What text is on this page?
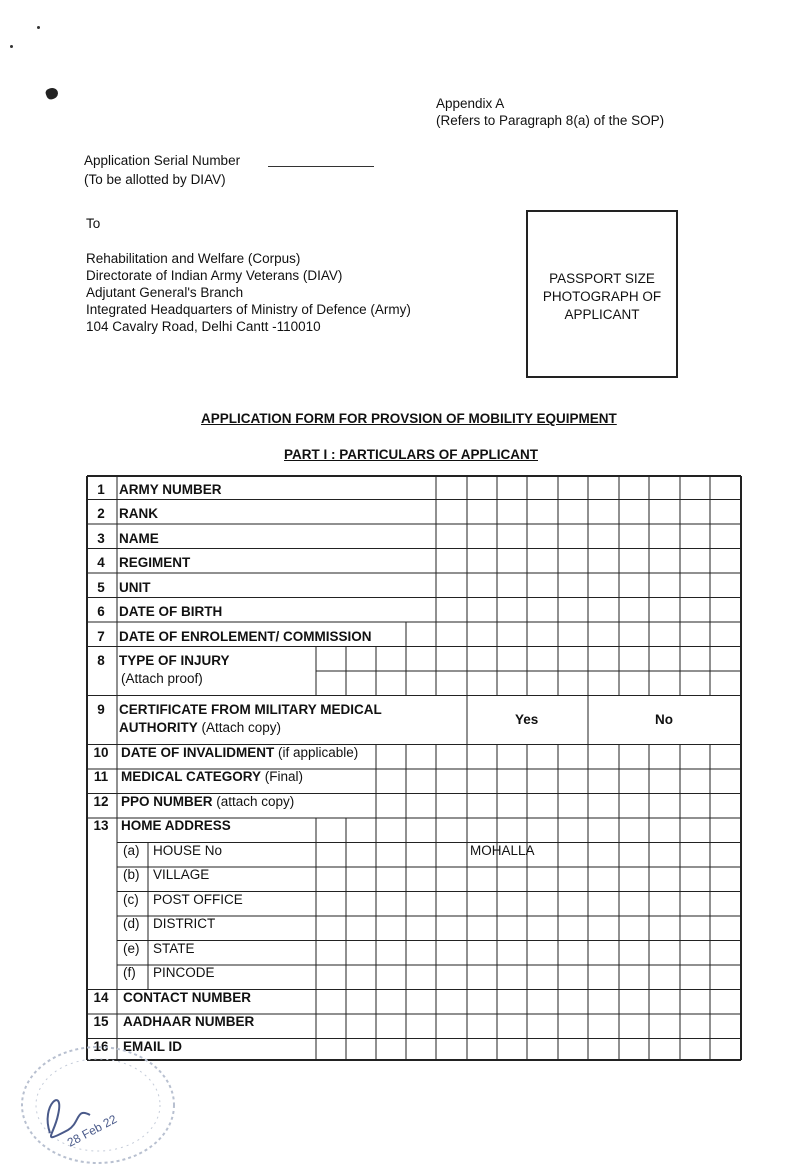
Appendix A
(Refers to Paragraph 8(a) of the SOP)
Application Serial Number
(To be allotted by DIAV)
To
Rehabilitation and Welfare (Corpus)
Directorate of Indian Army Veterans (DIAV)
Adjutant General's Branch
Integrated Headquarters of Ministry of Defence (Army)
104 Cavalry Road, Delhi Cantt -110010
PASSPORT SIZE
PHOTOGRAPH OF
APPLICANT
APPLICATION FORM FOR PROVSION OF MOBILITY EQUIPMENT
PART I : PARTICULARS OF APPLICANT
1	ARMY NUMBER
2	RANK
3	NAME
4	REGIMENT
5	UNIT
6	DATE OF BIRTH
7	DATE OF ENROLEMENT/ COMMISSION
8	TYPE OF INJURY
(Attach proof)
9	CERTIFICATE FROM MILITARY MEDICAL
AUTHORITY (Attach copy)
Yes	No
10 DATE OF INVALIDMENT (if applicable)
11 MEDICAL CATEGORY (Final)
12 PPO NUMBER (attach copy)
13 HOME ADDRESS
(a) HOUSE No	MOHALLA
(b) VILLAGE
(c) POST OFFICE
(d) DISTRICT
(e) STATE
(f) PINCODE
14	CONTACT NUMBER
15	AADHAAR NUMBER
16	EMAIL ID
28 Feb 22
